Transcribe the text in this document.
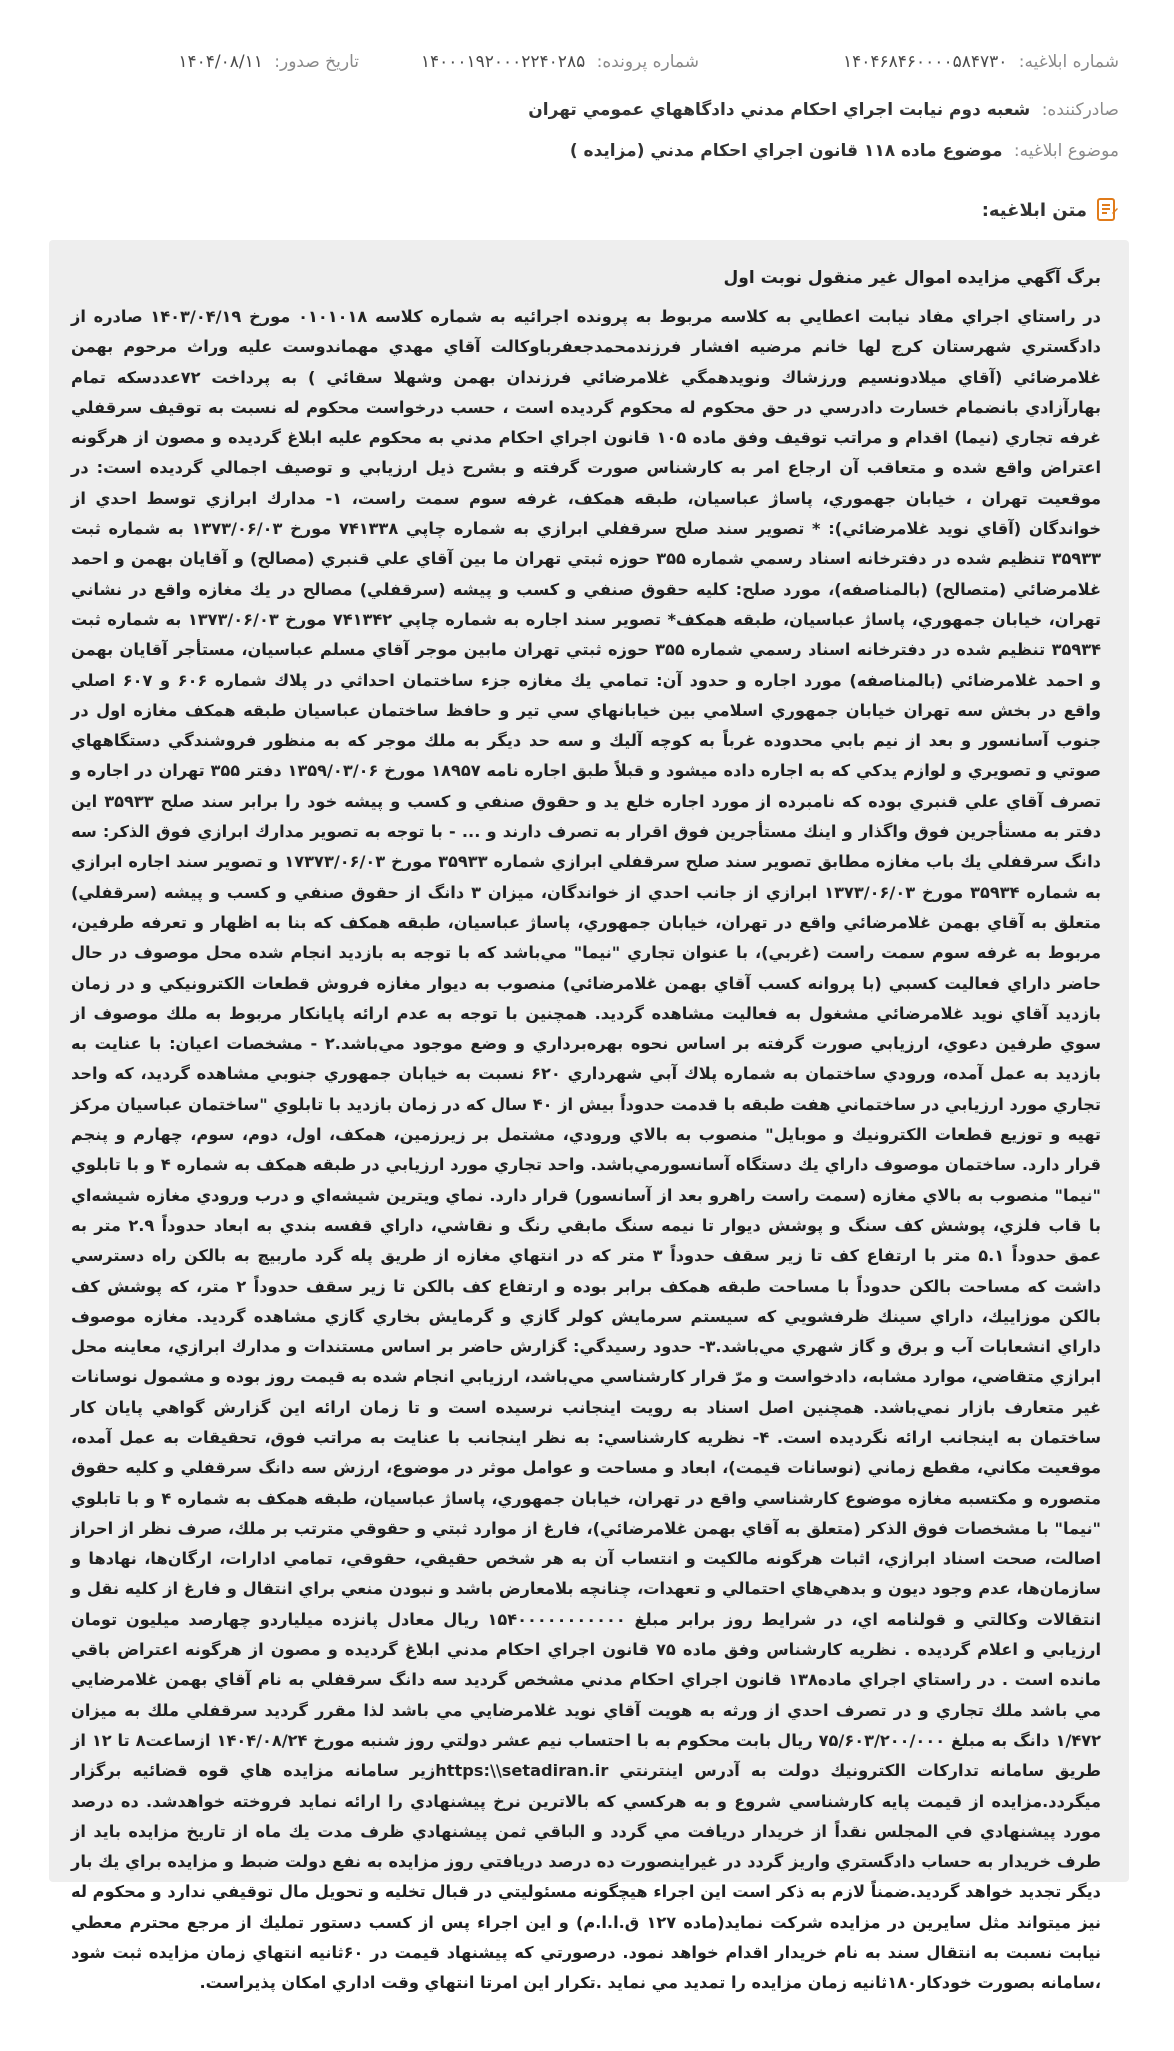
شماره ابلاغیه: ۱۴۰۴۶۸۴۶۰۰۰۰۵۸۴۷۳۰
شماره پرونده: ۱۴۰۰۰۱۹۲۰۰۰۲۲۴۰۲۸۵
تاریخ صدور: ۱۴۰۴/۰۸/۱۱
صادرکننده: شعبه دوم نیابت اجراي احکام مدني دادگاههاي عمومي تهران
موضوع ابلاغیه: موضوع ماده ۱۱۸ قانون اجراي احکام مدني (مزایده )
متن ابلاغیه:
برگ آگهي مزايده اموال غير منقول نوبت اول
در راستاي اجراي مفاد نيابت اعطايي به كلاسه مربوط به پرونده اجرائيه به شماره كلاسه ۰۱۰۱۰۱۸ مورخ ۱۴۰۳/۰۴/۱۹ صادره از دادگستري شهرستان كرج لها خانم مرضيه افشار فرزندمحمدجعفرباوكالت آقاي مهدي مهماندوست عليه وراث مرحوم بهمن غلامرضائي (آقاي ميلادونسيم ورزشاك ونويدهمگي غلامرضائي فرزندان بهمن وشهلا سقائي ) به پرداخت ۷۲عددسكه تمام بهارآزادي بانضمام خسارت دادرسي در حق محكوم له محكوم گرديده است ، حسب درخواست محكوم له نسبت به توقيف سرقفلي غرفه تجاري (نيما) اقدام و مراتب توقيف وفق ماده ۱۰۵ قانون اجراي احكام مدني به محكوم عليه ابلاغ گرديده و مصون از هرگونه اعتراض واقع شده و متعاقب آن ارجاع امر به كارشناس صورت گرفته و بشرح ذيل ارزيابي و توصيف اجمالي گرديده است: در موقعيت تهران ، خيابان جهموري، پاساژ عباسيان، طبقه همكف، غرفه سوم سمت راست، ۱- مدارك ابرازي توسط احدي از خواندگان (آقاي نويد غلامرضائي): * تصوير سند صلح سرقفلي ابرازي به شماره چاپي ۷۴۱۳۳۸ مورخ ۱۳۷۳/۰۶/۰۳ به شماره ثبت ۳۵۹۳۳ تنظيم شده در دفترخانه اسناد رسمي شماره ۳۵۵ حوزه ثبتي تهران ما بين آقاي علي قنبري (مصالح) و آقايان بهمن و احمد غلامرضائي (متصالح) (بالمناصفه)، مورد صلح: كليه حقوق صنفي و كسب و پيشه (سرقفلي) مصالح در يك مغازه واقع در نشاني تهران، خيابان جمهوري، پاساژ عباسيان، طبقه همكف* تصوير سند اجاره به شماره چاپي ۷۴۱۳۴۲ مورخ ۱۳۷۳/۰۶/۰۳ به شماره ثبت ۳۵۹۳۴ تنظيم شده در دفترخانه اسناد رسمي شماره ۳۵۵ حوزه ثبتي تهران مابين موجر آقاي مسلم عباسيان، مستأجر آقايان بهمن و احمد غلامرضائي (بالمناصفه) مورد اجاره و حدود آن: تمامي يك مغازه جزء ساختمان احداثي در پلاك شماره ۶۰۶ و ۶۰۷ اصلي واقع در بخش سه تهران خيابان جمهوري اسلامي بين خيابانهاي سي تير و حافظ ساختمان عباسيان طبقه همكف مغازه اول در جنوب آسانسور و بعد از نيم بابي محدوده غرباً به كوچه آليك و سه حد ديگر به ملك موجر كه به منظور فروشندگي دستگاههاي صوتي و تصويري و لوازم يدكي كه به اجاره داده ميشود و قبلاً طبق اجاره نامه ۱۸۹۵۷ مورخ ۱۳۵۹/۰۳/۰۶ دفتر ۳۵۵ تهران در اجاره و تصرف آقاي علي قنبري بوده كه نامبرده از مورد اجاره خلع يد و حقوق صنفي و كسب و پيشه خود را برابر سند صلح ۳۵۹۳۳ اين دفتر به مستأجرين فوق واگذار و اينك مستأجرين فوق اقرار به تصرف دارند و ... - با توجه به تصوير مدارك ابرازي فوق الذكر: سه دانگ سرقفلي يك باب مغازه مطابق تصوير سند صلح سرقفلي ابرازي شماره ۳۵۹۳۳ مورخ ۱۷۳۷۳/۰۶/۰۳ و تصوير سند اجاره ابرازي به شماره ۳۵۹۳۴ مورخ ۱۳۷۳/۰۶/۰۳ ابرازي از جانب احدي از خواندگان، ميزان ۳ دانگ از حقوق صنفي و كسب و پيشه (سرقفلي) متعلق به آقاي بهمن غلامرضائي واقع در تهران، خيابان جمهوري، پاساژ عباسيان، طبقه همكف كه بنا به اظهار و تعرفه طرفين، مربوط به غرفه سوم سمت راست (غربي)، با عنوان تجاري "نيما" مي‌باشد كه با توجه به بازديد انجام شده محل موصوف در حال حاضر داراي فعاليت كسبي (با پروانه كسب آقاي بهمن غلامرضائي) منصوب به ديوار مغازه فروش قطعات الكترونيكي و در زمان بازديد آقاي نويد غلامرضائي مشغول به فعاليت مشاهده گرديد. همچنين با توجه به عدم ارائه پايانكار مربوط به ملك موصوف از سوي طرفين دعوي، ارزيابي صورت گرفته بر اساس نحوه بهره‌برداري و وضع موجود مي‌باشد.۲ - مشخصات اعيان: با عنايت به بازديد به عمل آمده، ورودي ساختمان به شماره پلاك آبي شهرداري ۶۲۰ نسبت به خيابان جمهوري جنوبي مشاهده گرديد، كه واحد تجاري مورد ارزيابي در ساختماني هفت طبقه با قدمت حدوداً بيش از ۴۰ سال كه در زمان بازديد با تابلوي "ساختمان عباسيان مركز تهيه و توزيع قطعات الكترونيك و موبايل" منصوب به بالاي ورودي، مشتمل بر زيرزمين، همكف، اول، دوم، سوم، چهارم و پنجم قرار دارد. ساختمان موصوف داراي يك دستگاه آسانسورمي‌باشد. واحد تجاري مورد ارزيابي در طبقه همكف به شماره ۴ و با تابلوي "نيما" منصوب به بالاي مغازه (سمت راست راهرو بعد از آسانسور) قرار دارد. نماي ويترين شيشه‌اي و درب ورودي مغازه شيشه‌اي با قاب فلزي، پوشش كف سنگ و پوشش ديوار تا نيمه سنگ مابقي رنگ و نقاشي، داراي قفسه بندي به ابعاد حدوداً ۲.۹ متر به عمق حدوداً ۵.۱ متر با ارتفاع كف تا زير سقف حدوداً ۳ متر كه در انتهاي مغازه از طريق پله گرد ماربيچ به بالكن راه دسترسي داشت كه مساحت بالكن حدوداً با مساحت طبقه همكف برابر بوده و ارتفاع كف بالكن تا زير سقف حدوداً ۲ متر، كه پوشش كف بالكن موزاييك، داراي سينك ظرفشويي كه سيستم سرمايش كولر گازي و گرمايش بخاري گازي مشاهده گرديد. مغازه موصوف داراي انشعابات آب و برق و گاز شهري مي‌باشد.۳- حدود رسيدگي: گزارش حاضر بر اساس مستندات و مدارك ابرازي، معاينه محل ابرازي متقاضي، موارد مشابه، دادخواست و مرّ قرار كارشناسي مي‌باشد، ارزيابي انجام شده به قيمت روز بوده و مشمول نوسانات غير متعارف بازار نمي‌باشد. همچنين اصل اسناد به رويت اينجانب نرسيده است و تا زمان ارائه اين گزارش گواهي پايان كار ساختمان به اينجانب ارائه نگرديده است. ۴- نظريه كارشناسي: به نظر اينجانب با عنايت به مراتب فوق، تحقيقات به عمل آمده، موقعيت مكاني، مقطع زماني (نوسانات قيمت)، ابعاد و مساحت و عوامل موثر در موضوع، ارزش سه دانگ سرقفلي و كليه حقوق متصوره و مكتسبه مغازه موضوع كارشناسي واقع در تهران، خيابان جمهوري، پاساژ عباسيان، طبقه همكف به شماره ۴ و با تابلوي "نيما" با مشخصات فوق الذكر (متعلق به آقاي بهمن غلامرضائي)، فارغ از موارد ثبتي و حقوقي مترتب بر ملك، صرف نظر از احراز اصالت، صحت اسناد ابرازي، اثبات هرگونه مالكيت و انتساب آن به هر شخص حقيقي، حقوقي، تمامي ادارات، ارگان‌ها، نهادها و سازمان‌ها، عدم وجود ديون و بدهي‌هاي احتمالي و تعهدات، چنانچه بلامعارض باشد و نبودن منعي براي انتقال و فارغ از كليه نقل و انتقالات وكالتي و قولنامه اي، در شرايط روز برابر مبلغ ۱۵۴۰۰۰۰۰۰۰۰۰۰۰ ريال معادل پانزده ميلياردو چهارصد ميليون تومان ارزيابي و اعلام گرديده . نظريه كارشناس وفق ماده ۷۵ قانون اجراي احكام مدني ابلاغ گرديده و مصون از هرگونه اعتراض باقي مانده است . در راستاي اجراي ماده۱۳۸ قانون اجراي احكام مدني مشخص گرديد سه دانگ سرقفلي به نام آقاي بهمن غلامرضايي مي باشد ملك تجاري و در تصرف احدي از ورثه به هويت آقاي نويد غلامرضايي مي باشد لذا مقرر گرديد سرقفلي ملك به ميزان ۱/۴۷۲ دانگ به مبلغ ۷۵/۶۰۳/۲۰۰/۰۰۰ ريال بابت محكوم به با احتساب نيم عشر دولتي روز شنبه مورخ ۱۴۰۴/۰۸/۲۴ ازساعت۸ تا ۱۲ از طريق سامانه تداركات الكترونيك دولت به آدرس اينترنتي https:\\setadiran.irزير سامانه مزايده هاي قوه قضائيه برگزار ميگردد.مزايده از قيمت پايه كارشناسي شروع و به هركسي كه بالاترين نرخ پيشنهادي را ارائه نمايد فروخته خواهدشد. ده درصد مورد پيشنهادي في المجلس نقداً از خريدار دريافت مي گردد و الباقي ثمن پيشنهادي ظرف مدت يك ماه از تاريخ مزايده بايد از طرف خريدار به حساب دادگستري واريز گردد در غيراينصورت ده درصد دريافتي روز مزايده به نفع دولت ضبط و مزايده براي يك بار ديگر تجديد خواهد گرديد.ضمناً لازم به ذكر است اين اجراء هيچگونه مسئوليتي در قبال تخليه و تحويل مال توقيفي ندارد و محكوم له نيز ميتواند مثل سايرين در مزايده شركت نمايد(ماده ۱۲۷ ق.ا.ا.م) و اين اجراء پس از كسب دستور تمليك از مرجع محترم معطي نيابت نسبت به انتقال سند به نام خريدار اقدام خواهد نمود. درصورتي كه پيشنهاد قيمت در ۶۰ثانيه انتهاي زمان مزايده ثبت شود ،سامانه بصورت خودكار۱۸۰ثانيه زمان مزايده را تمديد مي نمايد .تكرار اين امرتا انتهاي وقت اداري امكان پذيراست.
